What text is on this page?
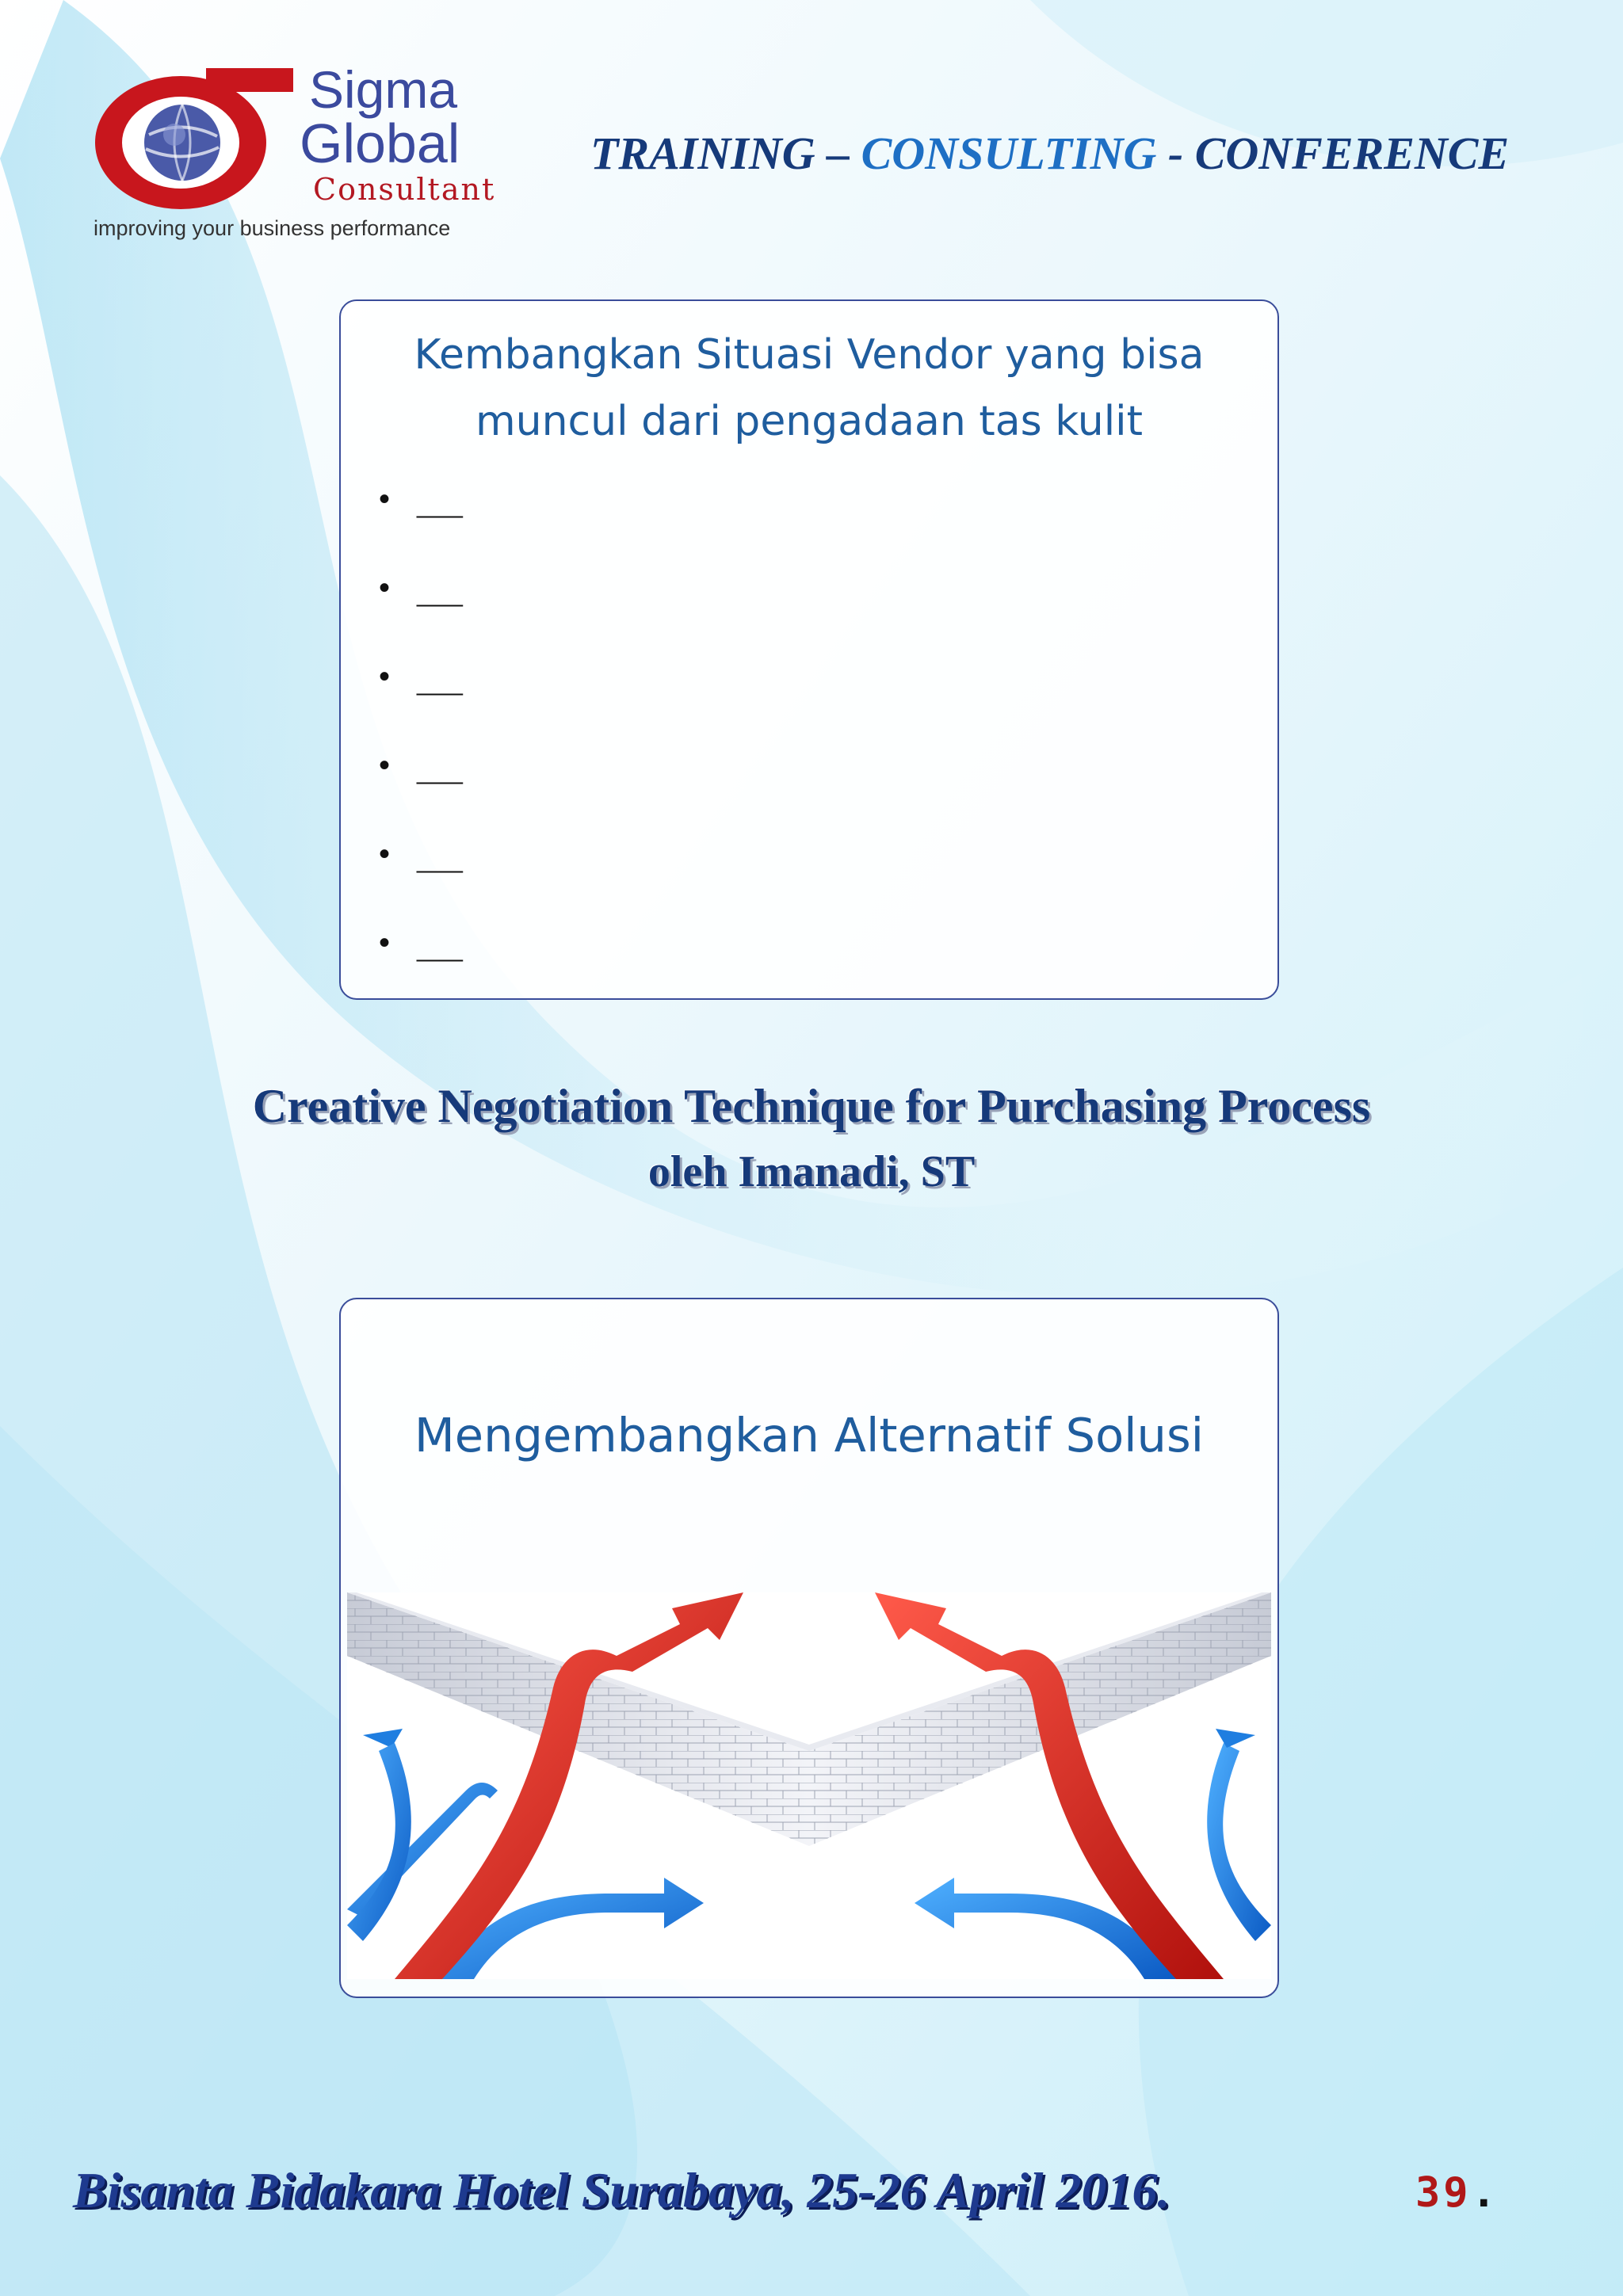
Sigma
Global
Consultant
improving your business performance
TRAINING – CONSULTING - CONFERENCE
Kembangkan Situasi Vendor yang bisa
muncul dari pengadaan tas kulit
• __
• __
• __
• __
• __
• __
Creative Negotiation Technique for Purchasing Process
oleh Imanadi, ST
Mengembangkan Alternatif Solusi
Bisanta Bidakara Hotel Surabaya, 25-26 April 2016.	39.
